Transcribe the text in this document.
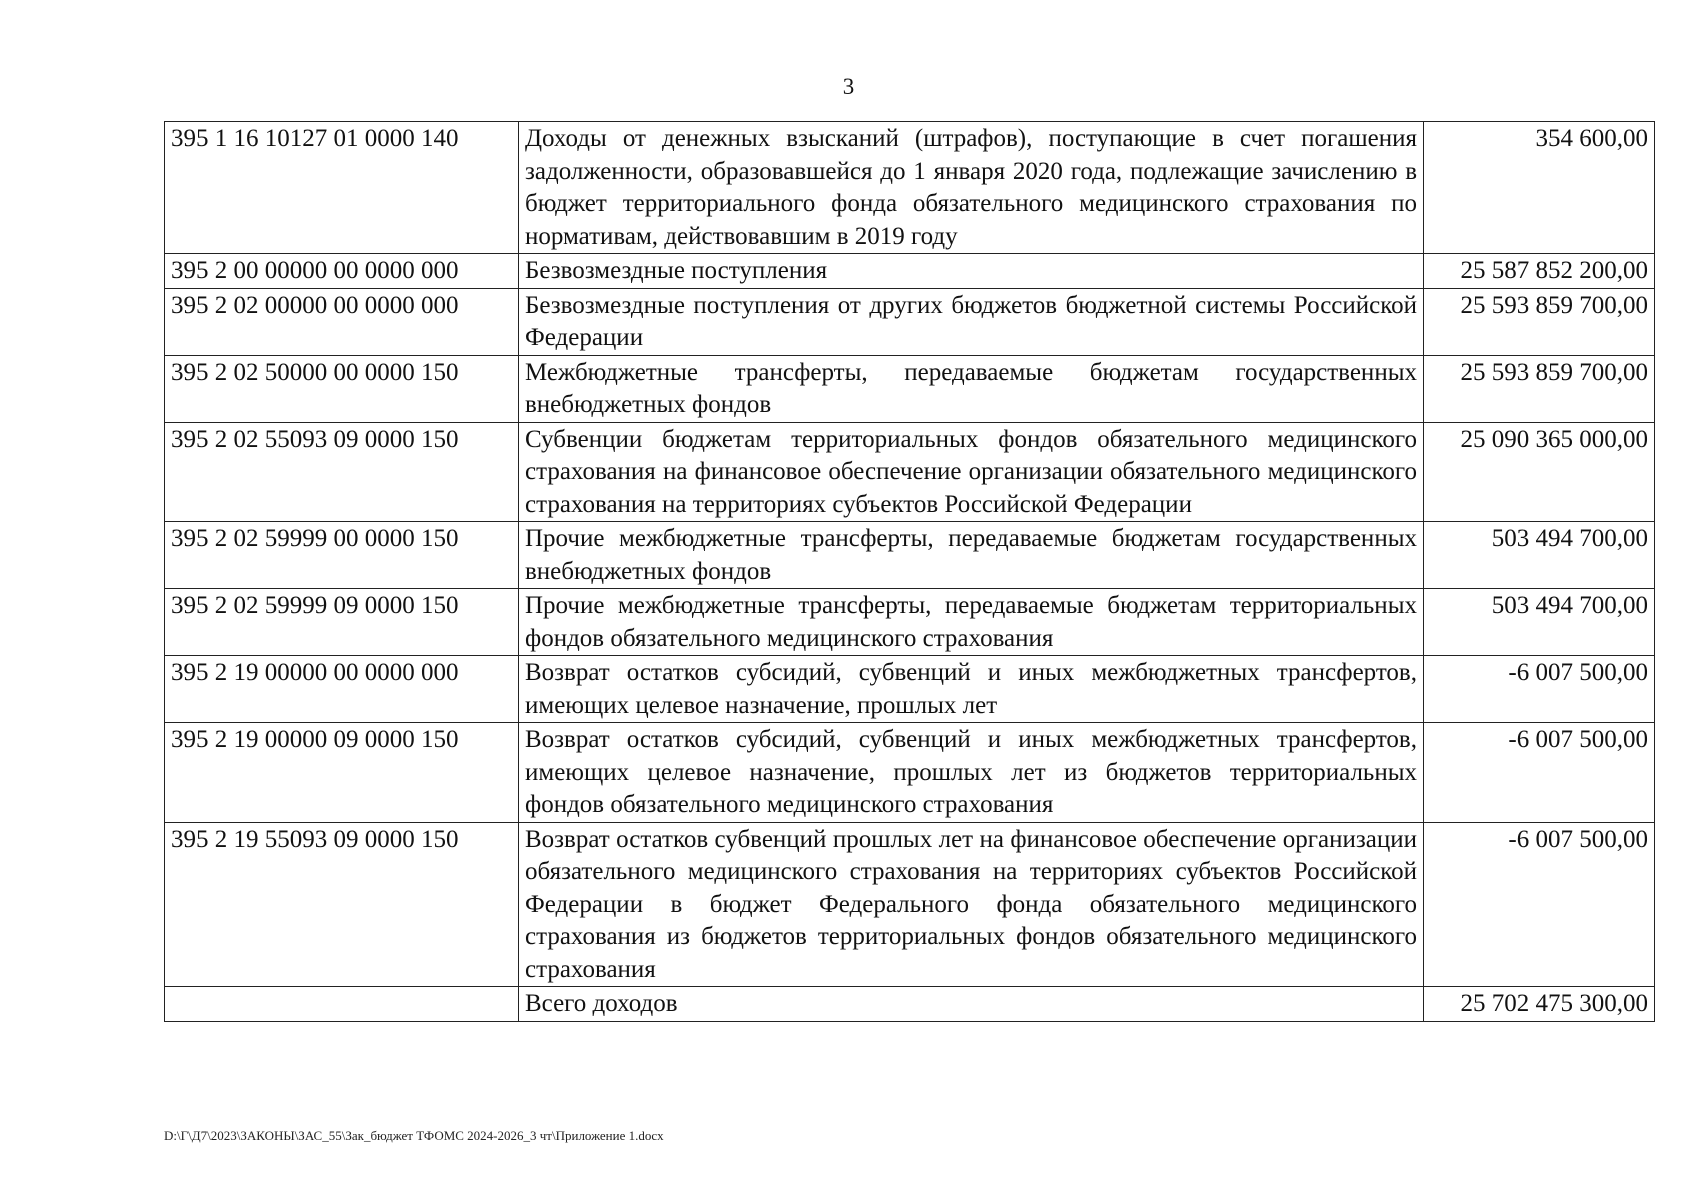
3
395 1 16 10127 01 0000 140	Доходы от денежных взысканий (штрафов), поступающие в счет погашения задолженности, образовавшейся до 1 января 2020 года, подлежащие зачислению в бюджет территориального фонда обязательного медицинского страхования по нормативам, действовавшим в 2019 году	354 600,00
395 2 00 00000 00 0000 000	Безвозмездные поступления	25 587 852 200,00
395 2 02 00000 00 0000 000	Безвозмездные поступления от других бюджетов бюджетной системы Российской Федерации	25 593 859 700,00
395 2 02 50000 00 0000 150	Межбюджетные трансферты, передаваемые бюджетам государственных внебюджетных фондов	25 593 859 700,00
395 2 02 55093 09 0000 150	Субвенции бюджетам территориальных фондов обязательного медицинского страхования на финансовое обеспечение организации обязательного медицинского страхования на территориях субъектов Российской Федерации	25 090 365 000,00
395 2 02 59999 00 0000 150	Прочие межбюджетные трансферты, передаваемые бюджетам государственных внебюджетных фондов	503 494 700,00
395 2 02 59999 09 0000 150	Прочие межбюджетные трансферты, передаваемые бюджетам территориальных фондов обязательного медицинского страхования	503 494 700,00
395 2 19 00000 00 0000 000	Возврат остатков субсидий, субвенций и иных межбюджетных трансфертов, имеющих целевое назначение, прошлых лет	-6 007 500,00
395 2 19 00000 09 0000 150	Возврат остатков субсидий, субвенций и иных межбюджетных трансфертов, имеющих целевое назначение, прошлых лет из бюджетов территориальных фондов обязательного медицинского страхования	-6 007 500,00
395 2 19 55093 09 0000 150	Возврат остатков субвенций прошлых лет на финансовое обеспечение организации обязательного медицинского страхования на территориях субъектов Российской Федерации в бюджет Федерального фонда обязательного медицинского страхования из бюджетов территориальных фондов обязательного медицинского страхования	-6 007 500,00
	Всего доходов	25 702 475 300,00
D:\Г\Д7\2023\ЗАКОНЫ\ЗАС_55\Зак_бюджет ТФОМС 2024-2026_3 чт\Приложение 1.docx
